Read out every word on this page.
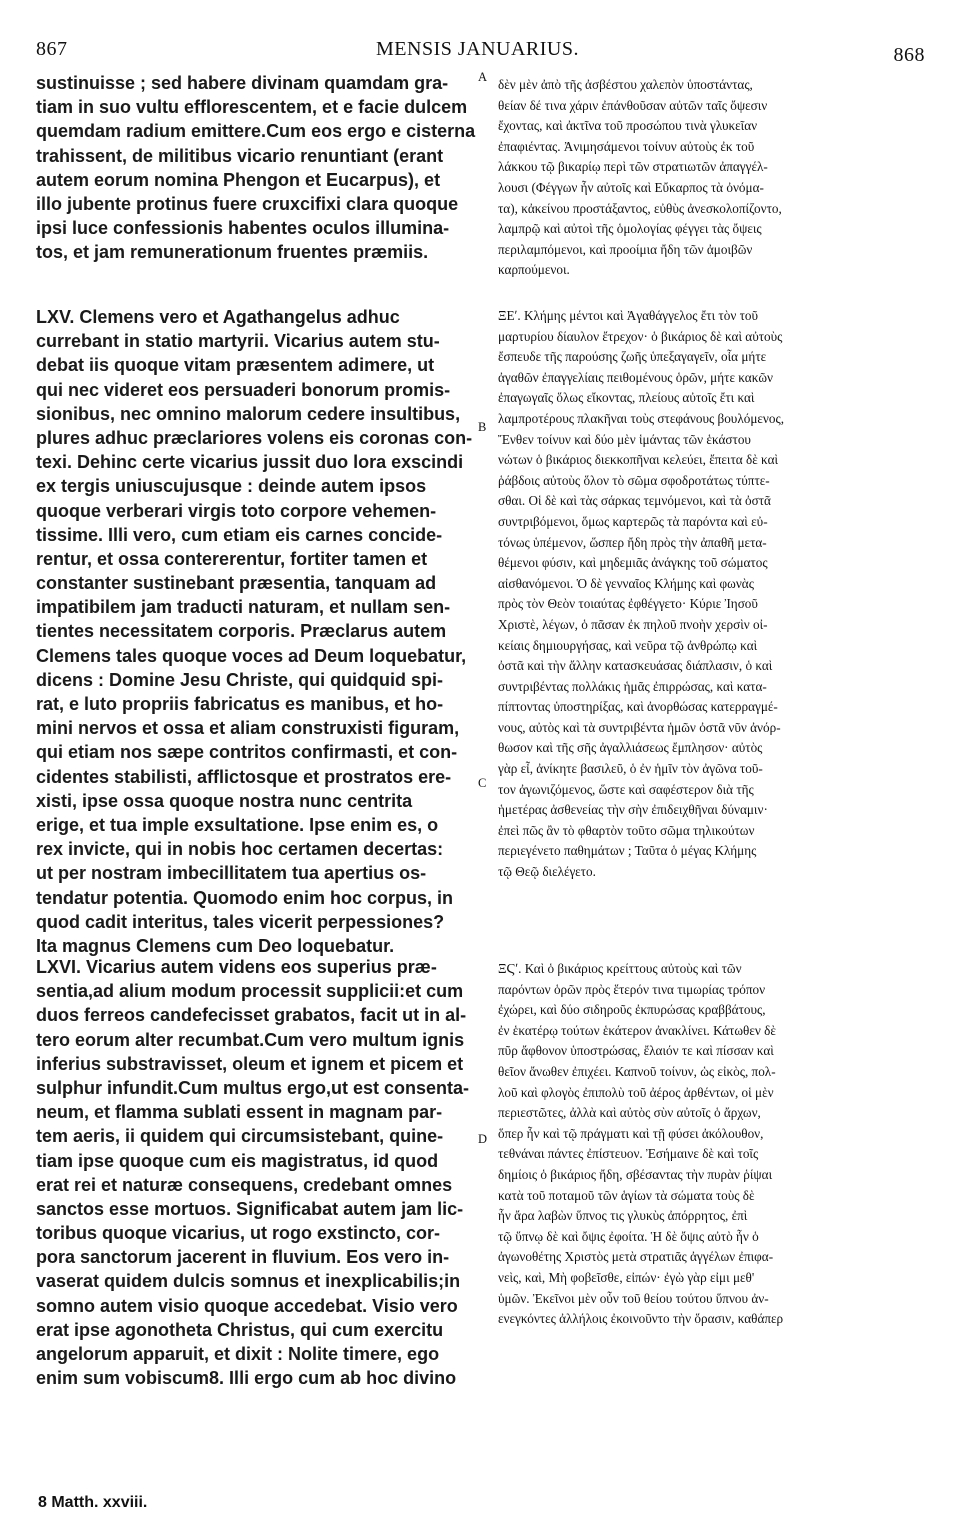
867	MENSIS JANUARIUS.	868
sustinuisse ; sed habere divinam quamdam gra-
tiam in suo vultu efflorescentem, et e facie dulcem
quemdam radium emittere.Cum eos ergo e cisterna
trahissent, de militibus vicario renuntiant (erant
autem eorum nomina Phengon et Eucarpus), et
illo jubente protinus fuere cruxcifixi clara quoque
ipsi luce confessionis habentes oculos illumina-
tos, et jam remunerationum fruentes præmiis.
LXV. Clemens vero et Agathangelus adhuc
currebant in statio martyrii. Vicarius autem stu-
debat iis quoque vitam præsentem adimere, ut
qui nec videret eos persuaderi bonorum promis-
sionibus, nec omnino malorum cedere insultibus,
plures adhuc præclariores volens eis coronas con-
texi. Dehinc certe vicarius jussit duo lora exscindi
ex tergis uniuscujusque : deinde autem ipsos
quoque verberari virgis toto corpore vehemen-
tissime. Illi vero, cum etiam eis carnes concide-
rentur, et ossa contererentur, fortiter tamen et
constanter sustinebant præsentia, tanquam ad
impatibilem jam traducti naturam, et nullam sen-
tientes necessitatem corporis. Præclarus autem
Clemens tales quoque voces ad Deum loquebatur,
dicens : Domine Jesu Christe, qui quidquid spi-
rat, e luto propriis fabricatus es manibus, et ho-
mini nervos et ossa et aliam construxisti figuram,
qui etiam nos sæpe contritos confirmasti, et con-
cidentes stabilisti, afflictosque et prostratos ere-
xisti, ipse ossa quoque nostra nunc centrita
erige, et tua imple exsultatione. Ipse enim es, o
rex invicte, qui in nobis hoc certamen decertas:
ut per nostram imbecillitatem tua apertius os-
tendatur potentia. Quomodo enim hoc corpus, in
quod cadit interitus, tales vicerit perpessiones?
Ita magnus Clemens cum Deo loquebatur.
LXVI. Vicarius autem videns eos superius præ-
sentia,ad alium modum processit supplicii:et cum
duos ferreos candefecisset grabatos, facit ut in al-
tero eorum alter recumbat.Cum vero multum ignis
inferius substravisset, oleum et ignem et picem et
sulphur infundit.Cum multus ergo,ut est consenta-
neum, et flamma sublati essent in magnam par-
tem aeris, ii quidem qui circumsistebant, quine-
tiam ipse quoque cum eis magistratus, id quod
erat rei et naturæ consequens, credebant omnes
sanctos esse mortuos. Significabat autem jam lic-
toribus quoque vicarius, ut rogo exstincto, cor-
pora sanctorum jacerent in fluvium. Eos vero in-
vaserat quidem dulcis somnus et inexplicabilis;in
somno autem visio quoque accedebat. Visio vero
erat ipse agonotheta Christus, qui cum exercitu
angelorum apparuit, et dixit : Nolite timere, ego
enim sum vobiscum8. Illi ergo cum ab hoc divino
δὲν μὲν ἀπὸ τῆς ἀσβέστου χαλεπὸν ὑποστάντας,
θείαν δέ τινα χάριν ἐπάνθοῦσαν αὐτῶν ταῖς ὄψεσιν
ἔχοντας, καὶ ἀκτῖνα τοῦ προσώπου τινὰ γλυκεῖαν
ἐπαφιέντας. Ἀνιμησάμενοι τοίνυν αὐτοὺς ἐκ τοῦ
λάκκου τῷ βικαρίῳ περὶ τῶν στρατιωτῶν ἀπαγγέλ-
λουσι (Φέγγων ἦν αὐτοῖς καὶ Εὔκαρπος τὰ ὀνόμα-
τα), κἀκείνου προστάξαντος, εὐθὺς ἀνεσκολοπίζοντο,
λαμπρῷ καὶ αὐτοὶ τῆς ὁμολογίας φέγγει τὰς ὄψεις
περιλαμπόμενοι, καὶ προοίμια ἤδη τῶν ἀμοιβῶν
καρπούμενοι.
ΞΕʹ. Κλήμης μέντοι καὶ Ἀγαθάγγελος ἔτι τὸν τοῦ
μαρτυρίου δίαυλον ἔτρεχον· ὁ βικάριος δὲ καὶ αὐτοὺς
ἔσπευδε τῆς παρούσης ζωῆς ὑπεξαγαγεῖν, οἷα μήτε
ἀγαθῶν ἐπαγγελίαις πειθομένους ὁρῶν, μήτε κακῶν
ἐπαγωγαῖς ὅλως εἴκοντας, πλείους αὐτοῖς ἔτι καὶ
λαμπροτέρους πλακῆναι τοὺς στεφάνους βουλόμενος,
Ἔνθεν τοίνυν καὶ δύο μὲν ἱμάντας τῶν ἑκάστου
νώτων ὁ βικάριος διεκκοπῆναι κελεύει, ἔπειτα δὲ καὶ
ῥάβδοις αὐτοὺς ὅλον τὸ σῶμα σφοδροτάτως τύπτε-
σθαι. Οἱ δὲ καὶ τὰς σάρκας τεμνόμενοι, καὶ τὰ ὀστᾶ
συντριβόμενοι, ὅμως καρτερῶς τὰ παρόντα καὶ εὐ-
τόνως ὑπέμενον, ὥσπερ ἤδη πρὸς τὴν ἀπαθῆ μετα-
θέμενοι φύσιν, καὶ μηδεμιᾶς ἀνάγκης τοῦ σώματος
αἰσθανόμενοι. Ὁ δὲ γενναῖος Κλήμης καὶ φωνὰς
πρὸς τὸν Θεὸν τοιαύτας ἐφθέγγετο· Κύριε Ἰησοῦ
Χριστὲ, λέγων, ὁ πᾶσαν ἐκ πηλοῦ πνοὴν χερσὶν οἰ-
κείαις δημιουργήσας, καὶ νεῦρα τῷ ἀνθρώπῳ καὶ
ὀστᾶ καὶ τὴν ἄλλην κατασκευάσας διάπλασιν, ὁ καὶ
συντριβέντας πολλάκις ἡμᾶς ἐπιρρώσας, καὶ κατα-
πίπτοντας ὑποστηρίξας, καὶ ἀνορθώσας κατερραγμέ-
νους, αὐτὸς καὶ τὰ συντριβέντα ἡμῶν ὀστᾶ νῦν ἀνόρ-
θωσον καὶ τῆς σῆς ἀγαλλιάσεως ἔμπλησον· αὐτὸς
γὰρ εἶ, ἀνίκητε βασιλεῦ, ὁ ἐν ἡμῖν τὸν ἀγῶνα τοῦ-
τον ἀγωνιζόμενος, ὥστε καὶ σαφέστερον διὰ τῆς
ἡμετέρας ἀσθενείας τὴν σὴν ἐπιδειχθῆναι δύναμιν·
ἐπεὶ πῶς ἂν τὸ φθαρτὸν τοῦτο σῶμα τηλικούτων
περιεγένετο παθημάτων ; Ταῦτα ὁ μέγας Κλήμης
τῷ Θεῷ διελέγετο.
ΞϚʹ. Καὶ ὁ βικάριος κρείττους αὐτοὺς καὶ τῶν
παρόντων ὁρῶν πρὸς ἕτερόν τινα τιμωρίας τρόπον
ἐχώρει, καὶ δύο σιδηροῦς ἐκπυρώσας κραββάτους,
ἐν ἑκατέρῳ τούτων ἑκάτερον ἀνακλίνει. Κάτωθεν δὲ
πῦρ ἄφθονον ὑποστρώσας, ἔλαιόν τε καὶ πίσσαν καὶ
θεῖον ἄνωθεν ἐπιχέει. Καπνοῦ τοίνυν, ὡς εἰκὸς, πολ-
λοῦ καὶ φλογὸς ἐπιπολὺ τοῦ ἀέρος ἀρθέντων, οἱ μὲν
περιεστῶτες, ἀλλὰ καὶ αὐτὸς σὺν αὐτοῖς ὁ ἄρχων,
ὅπερ ἦν καὶ τῷ πράγματι καὶ τῇ φύσει ἀκόλουθον,
τεθνάναι πάντες ἐπίστευον. Ἐσήμαινε δὲ καὶ τοῖς
δημίοις ὁ βικάριος ἤδη, σβέσαντας τὴν πυρὰν ῥίψαι
κατὰ τοῦ ποταμοῦ τῶν ἁγίων τὰ σώματα τοὺς δὲ
ἦν ἄρα λαβὼν ὕπνος τις γλυκὺς ἀπόρρητος, ἐπὶ
τῷ ὕπνῳ δὲ καὶ ὄψις ἐφοίτα. Ἡ δὲ ὄψις αὐτὸ ἦν ὁ
ἀγωνοθέτης Χριστὸς μετὰ στρατιᾶς ἀγγέλων ἐπιφα-
νεὶς, καὶ, Μὴ φοβεῖσθε, εἰπών· ἐγὼ γὰρ εἰμι μεθ'
ὑμῶν. Ἐκεῖνοι μὲν οὖν τοῦ θείου τούτου ὕπνου ἀν-
ενεγκόντες ἀλλήλοις ἐκοινοῦντο τὴν ὅρασιν, καθάπερ
A
B
C
D
8 Matth. xxviii.
